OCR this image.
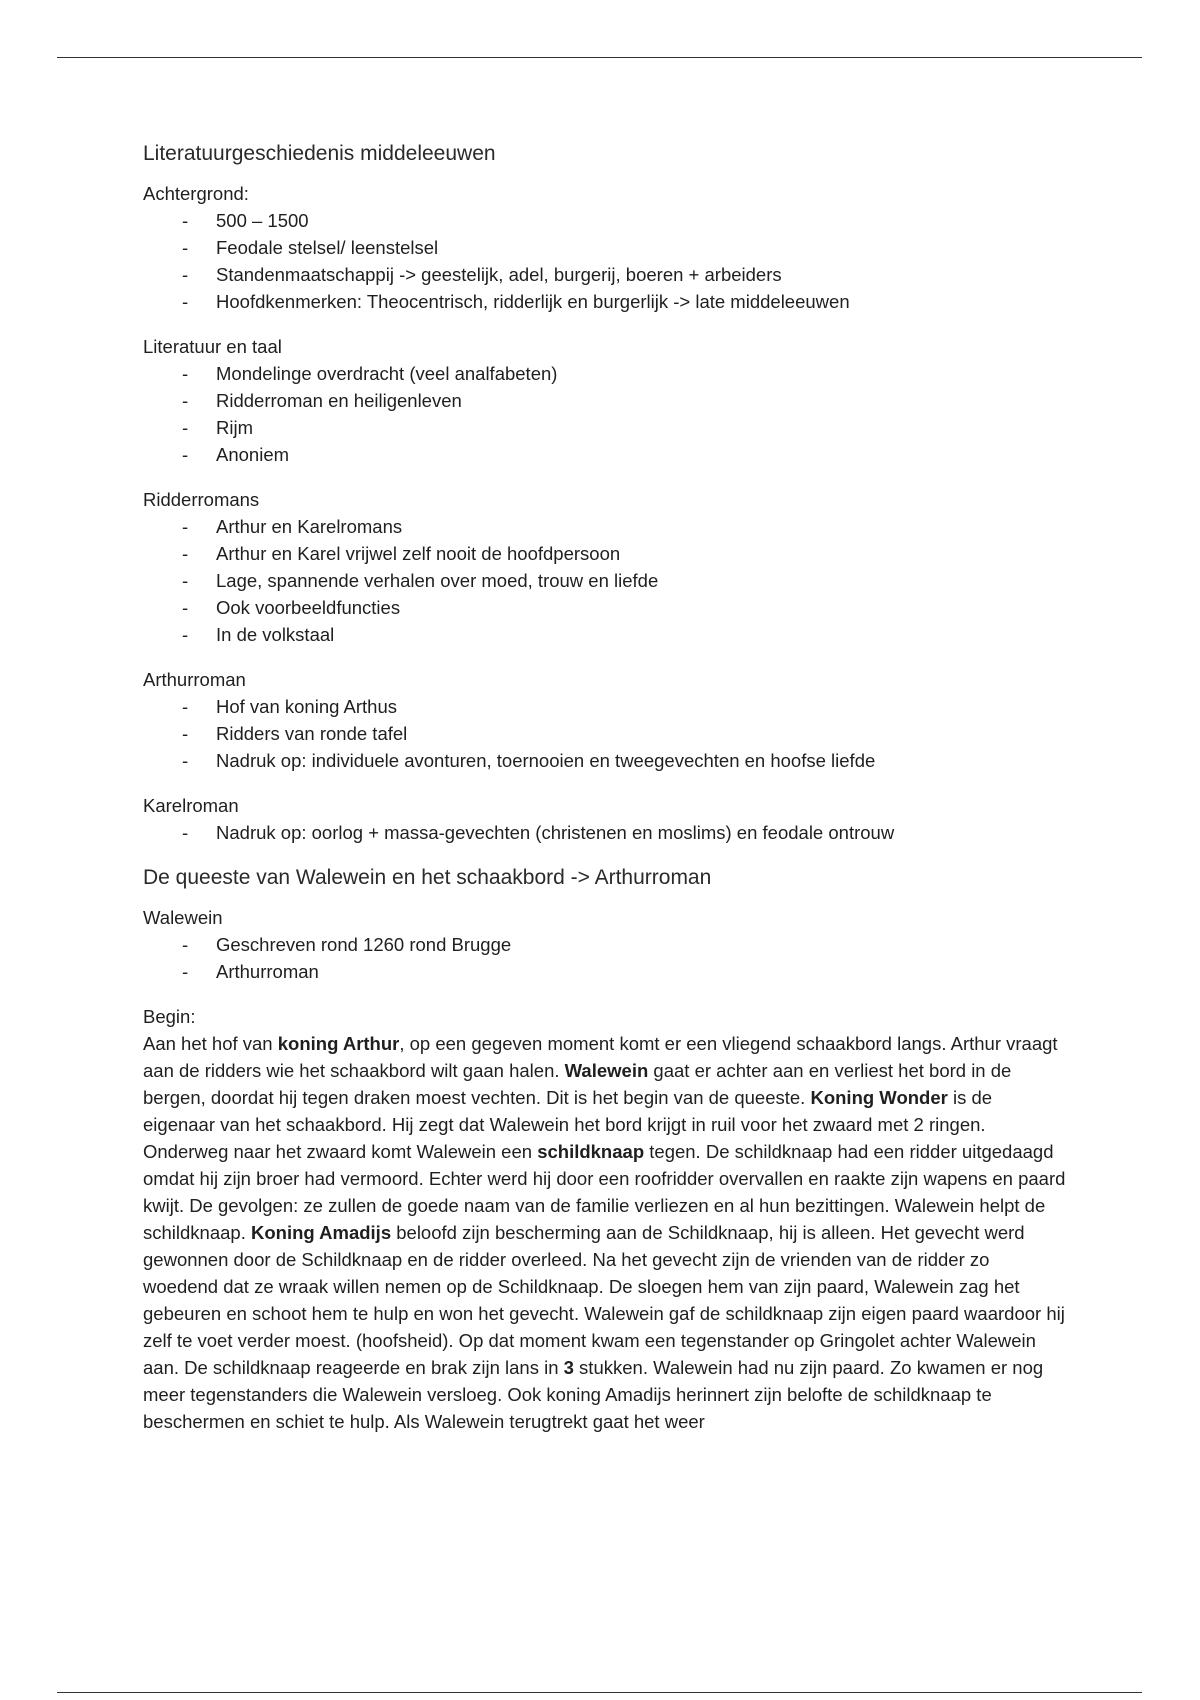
Literatuurgeschiedenis middeleeuwen

Achtergrond:

- 500 – 1500
- Feodale stelsel/ leenstelsel
- Standenmaatschappij -> geestelijk, adel, burgerij, boeren + arbeiders
- Hoofdkenmerken: Theocentrisch, ridderlijk en burgerlijk -> late middeleeuwen

Literatuur en taal

- Mondelinge overdracht (veel analfabeten)
- Ridderroman en heiligenleven
- Rijm
- Anoniem

Ridderromans

- Arthur en Karelromans
- Arthur en Karel vrijwel zelf nooit de hoofdpersoon
- Lage, spannende verhalen over moed, trouw en liefde
- Ook voorbeeldfuncties
- In de volkstaal

Arthurroman

- Hof van koning Arthus
- Ridders van ronde tafel
- Nadruk op: individuele avonturen, toernooien en tweegevechten en hoofse liefde

Karelroman

- Nadruk op: oorlog + massa-gevechten (christenen en moslims) en feodale ontrouw
De queeste van Walewein en het schaakbord -> Arthurroman

Walewein

- Geschreven rond 1260 rond Brugge
- Arthurroman

Begin:

Aan het hof van koning Arthur, op een gegeven moment komt er een vliegend schaakbord langs. Arthur vraagt aan de ridders wie het schaakbord wilt gaan halen. Walewein gaat er achter aan en verliest het bord in de bergen, doordat hij tegen draken moest vechten. Dit is het begin van de queeste. Koning Wonder is de eigenaar van het schaakbord. Hij zegt dat Walewein het bord krijgt in ruil voor het zwaard met 2 ringen. Onderweg naar het zwaard komt Walewein een schildknaap tegen. De schildknaap had een ridder uitgedaagd omdat hij zijn broer had vermoord. Echter werd hij door een roofridder overvallen en raakte zijn wapens en paard kwijt. De gevolgen: ze zullen de goede naam van de familie verliezen en al hun bezittingen. Walewein helpt de schildknaap. Koning Amadijs beloofd zijn bescherming aan de Schildknaap, hij is alleen. Het gevecht werd gewonnen door de Schildknaap en de ridder overleed. Na het gevecht zijn de vrienden van de ridder zo woedend dat ze wraak willen nemen op de Schildknaap. De sloegen hem van zijn paard, Walewein zag het gebeuren en schoot hem te hulp en won het gevecht. Walewein gaf de schildknaap zijn eigen paard waardoor hij zelf te voet verder moest. (hoofsheid). Op dat moment kwam een tegenstander op Gringolet achter Walewein aan. De schildknaap reageerde en brak zijn lans in 3 stukken. Walewein had nu zijn paard. Zo kwamen er nog meer tegenstanders die Walewein versloeg. Ook koning Amadijs herinnert zijn belofte de schildknaap te beschermen en schiet te hulp. Als Walewein terugtrekt gaat het weer
